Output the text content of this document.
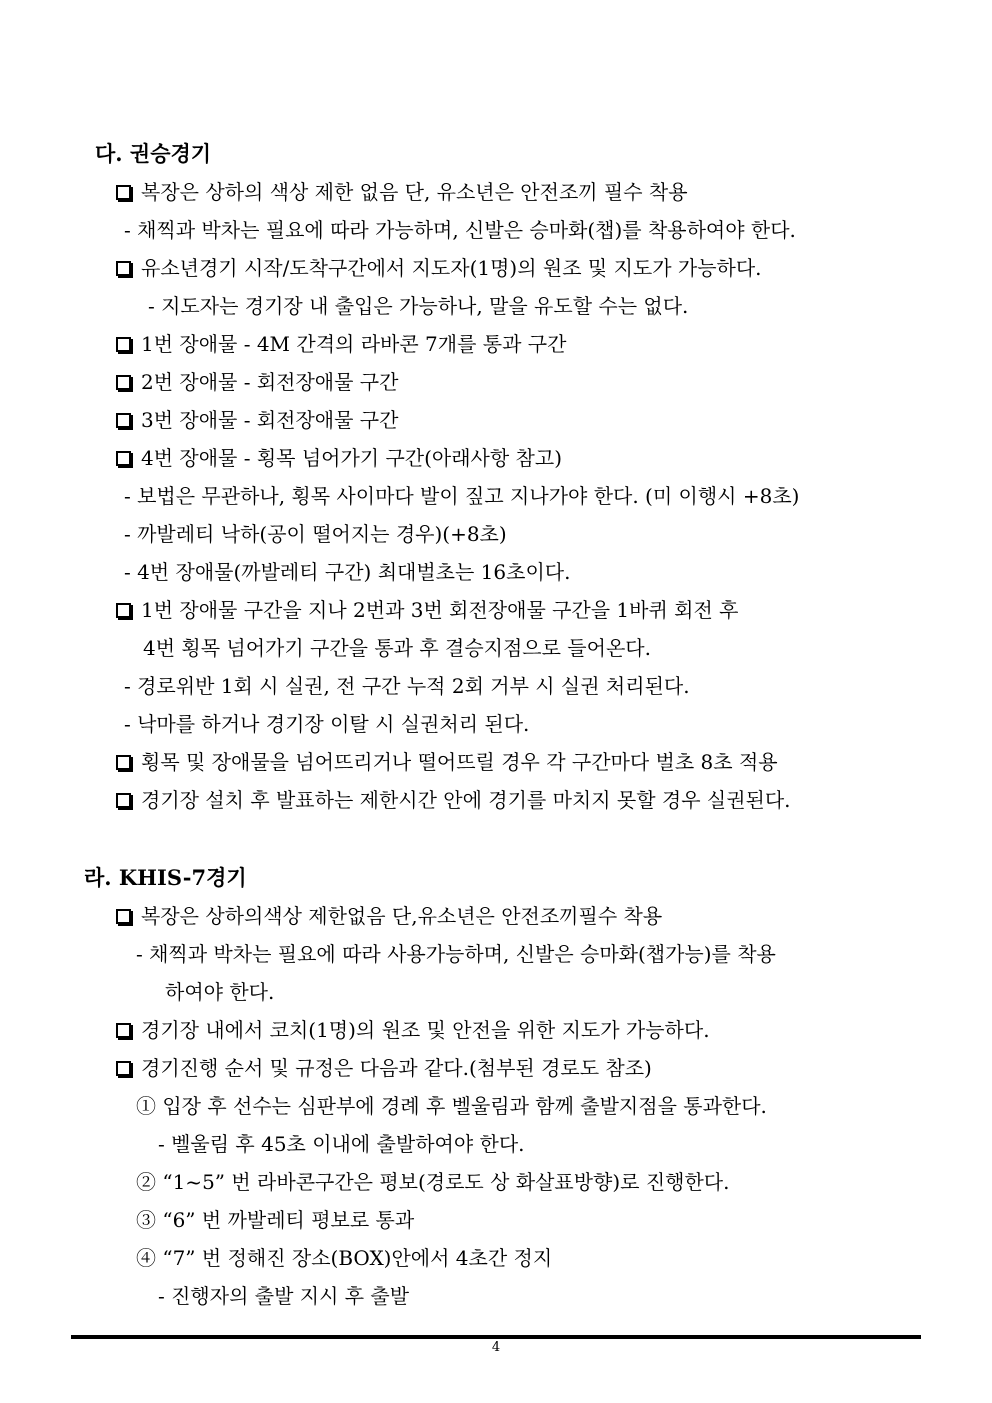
다. 권승경기
복장은 상하의 색상 제한 없음 단, 유소년은 안전조끼 필수 착용
- 채찍과 박차는 필요에 따라 가능하며, 신발은 승마화(챕)를 착용하여야 한다.
유소년경기 시작/도착구간에서 지도자(1명)의 원조 및 지도가 가능하다.
- 지도자는 경기장 내 출입은 가능하나, 말을 유도할 수는 없다.
1번 장애물 - 4M 간격의 라바콘 7개를 통과 구간
2번 장애물 - 회전장애물 구간
3번 장애물 - 회전장애물 구간
4번 장애물 - 횡목 넘어가기 구간(아래사항 참고)
- 보법은 무관하나, 횡목 사이마다 발이 짚고 지나가야 한다. (미 이행시 +8초)
- 까발레티 낙하(공이 떨어지는 경우)(+8초)
- 4번 장애물(까발레티 구간) 최대벌초는 16초이다.
1번 장애물 구간을 지나 2번과 3번 회전장애물 구간을 1바퀴 회전 후
4번 횡목 넘어가기 구간을 통과 후 결승지점으로 들어온다.
- 경로위반 1회 시 실권, 전 구간 누적 2회 거부 시 실권 처리된다.
- 낙마를 하거나 경기장 이탈 시 실권처리 된다.
횡목 및 장애물을 넘어뜨리거나 떨어뜨릴 경우 각 구간마다 벌초 8초 적용
경기장 설치 후 발표하는 제한시간 안에 경기를 마치지 못할 경우 실권된다.
라. KHIS-7경기
복장은 상하의색상 제한없음 단,유소년은 안전조끼필수 착용
- 채찍과 박차는 필요에 따라 사용가능하며, 신발은 승마화(챕가능)를 착용
하여야 한다.
경기장 내에서 코치(1명)의 원조 및 안전을 위한 지도가 가능하다.
경기진행 순서 및 규정은 다음과 같다.(첨부된 경로도 참조)
① 입장 후 선수는 심판부에 경례 후 벨울림과 함께 출발지점을 통과한다.
- 벨울림 후 45초 이내에 출발하여야 한다.
② “1~5” 번 라바콘구간은 평보(경로도 상 화살표방향)로 진행한다.
③ “6” 번 까발레티 평보로 통과
④ “7” 번 정해진 장소(BOX)안에서 4초간 정지
- 진행자의 출발 지시 후 출발
4
